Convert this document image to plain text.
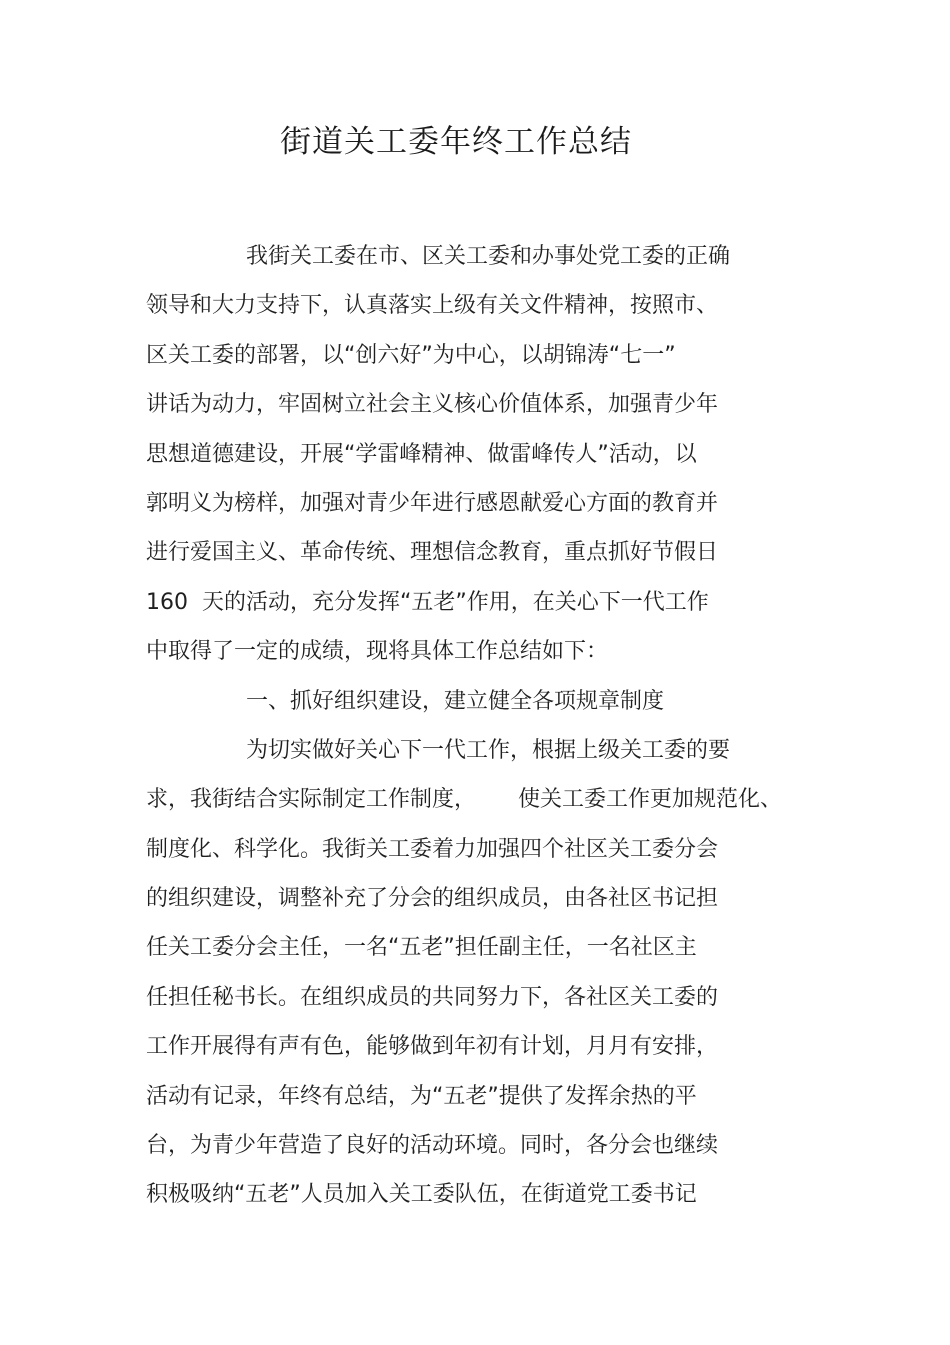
街道关工委年终工作总结
我街关工委在市、区关工委和办事处党工委的正确
领导和大力支持下，认真落实上级有关文件精神，按照市、
区关工委的部署，以“创六好”为中心，以胡锦涛“七一”
讲话为动力，牢固树立社会主义核心价值体系，加强青少年
思想道德建设，开展“学雷峰精神、做雷峰传人”活动，以
郭明义为榜样，加强对青少年进行感恩献爱心方面的教育并
进行爱国主义、革命传统、理想信念教育，重点抓好节假日
160  天的活动，充分发挥“五老”作用，在关心下一代工作
中取得了一定的成绩，现将具体工作总结如下：
一、抓好组织建设，建立健全各项规章制度
为切实做好关心下一代工作，根据上级关工委的要
求，我街结合实际制定工作制度，      使关工委工作更加规范化、
制度化、科学化。我街关工委着力加强四个社区关工委分会
的组织建设，调整补充了分会的组织成员，由各社区书记担
任关工委分会主任，一名“五老”担任副主任，一名社区主
任担任秘书长。在组织成员的共同努力下，各社区关工委的
工作开展得有声有色，能够做到年初有计划，月月有安排，
活动有记录，年终有总结，为“五老”提供了发挥余热的平
台，为青少年营造了良好的活动环境。同时，各分会也继续
积极吸纳“五老”人员加入关工委队伍，在街道党工委书记
